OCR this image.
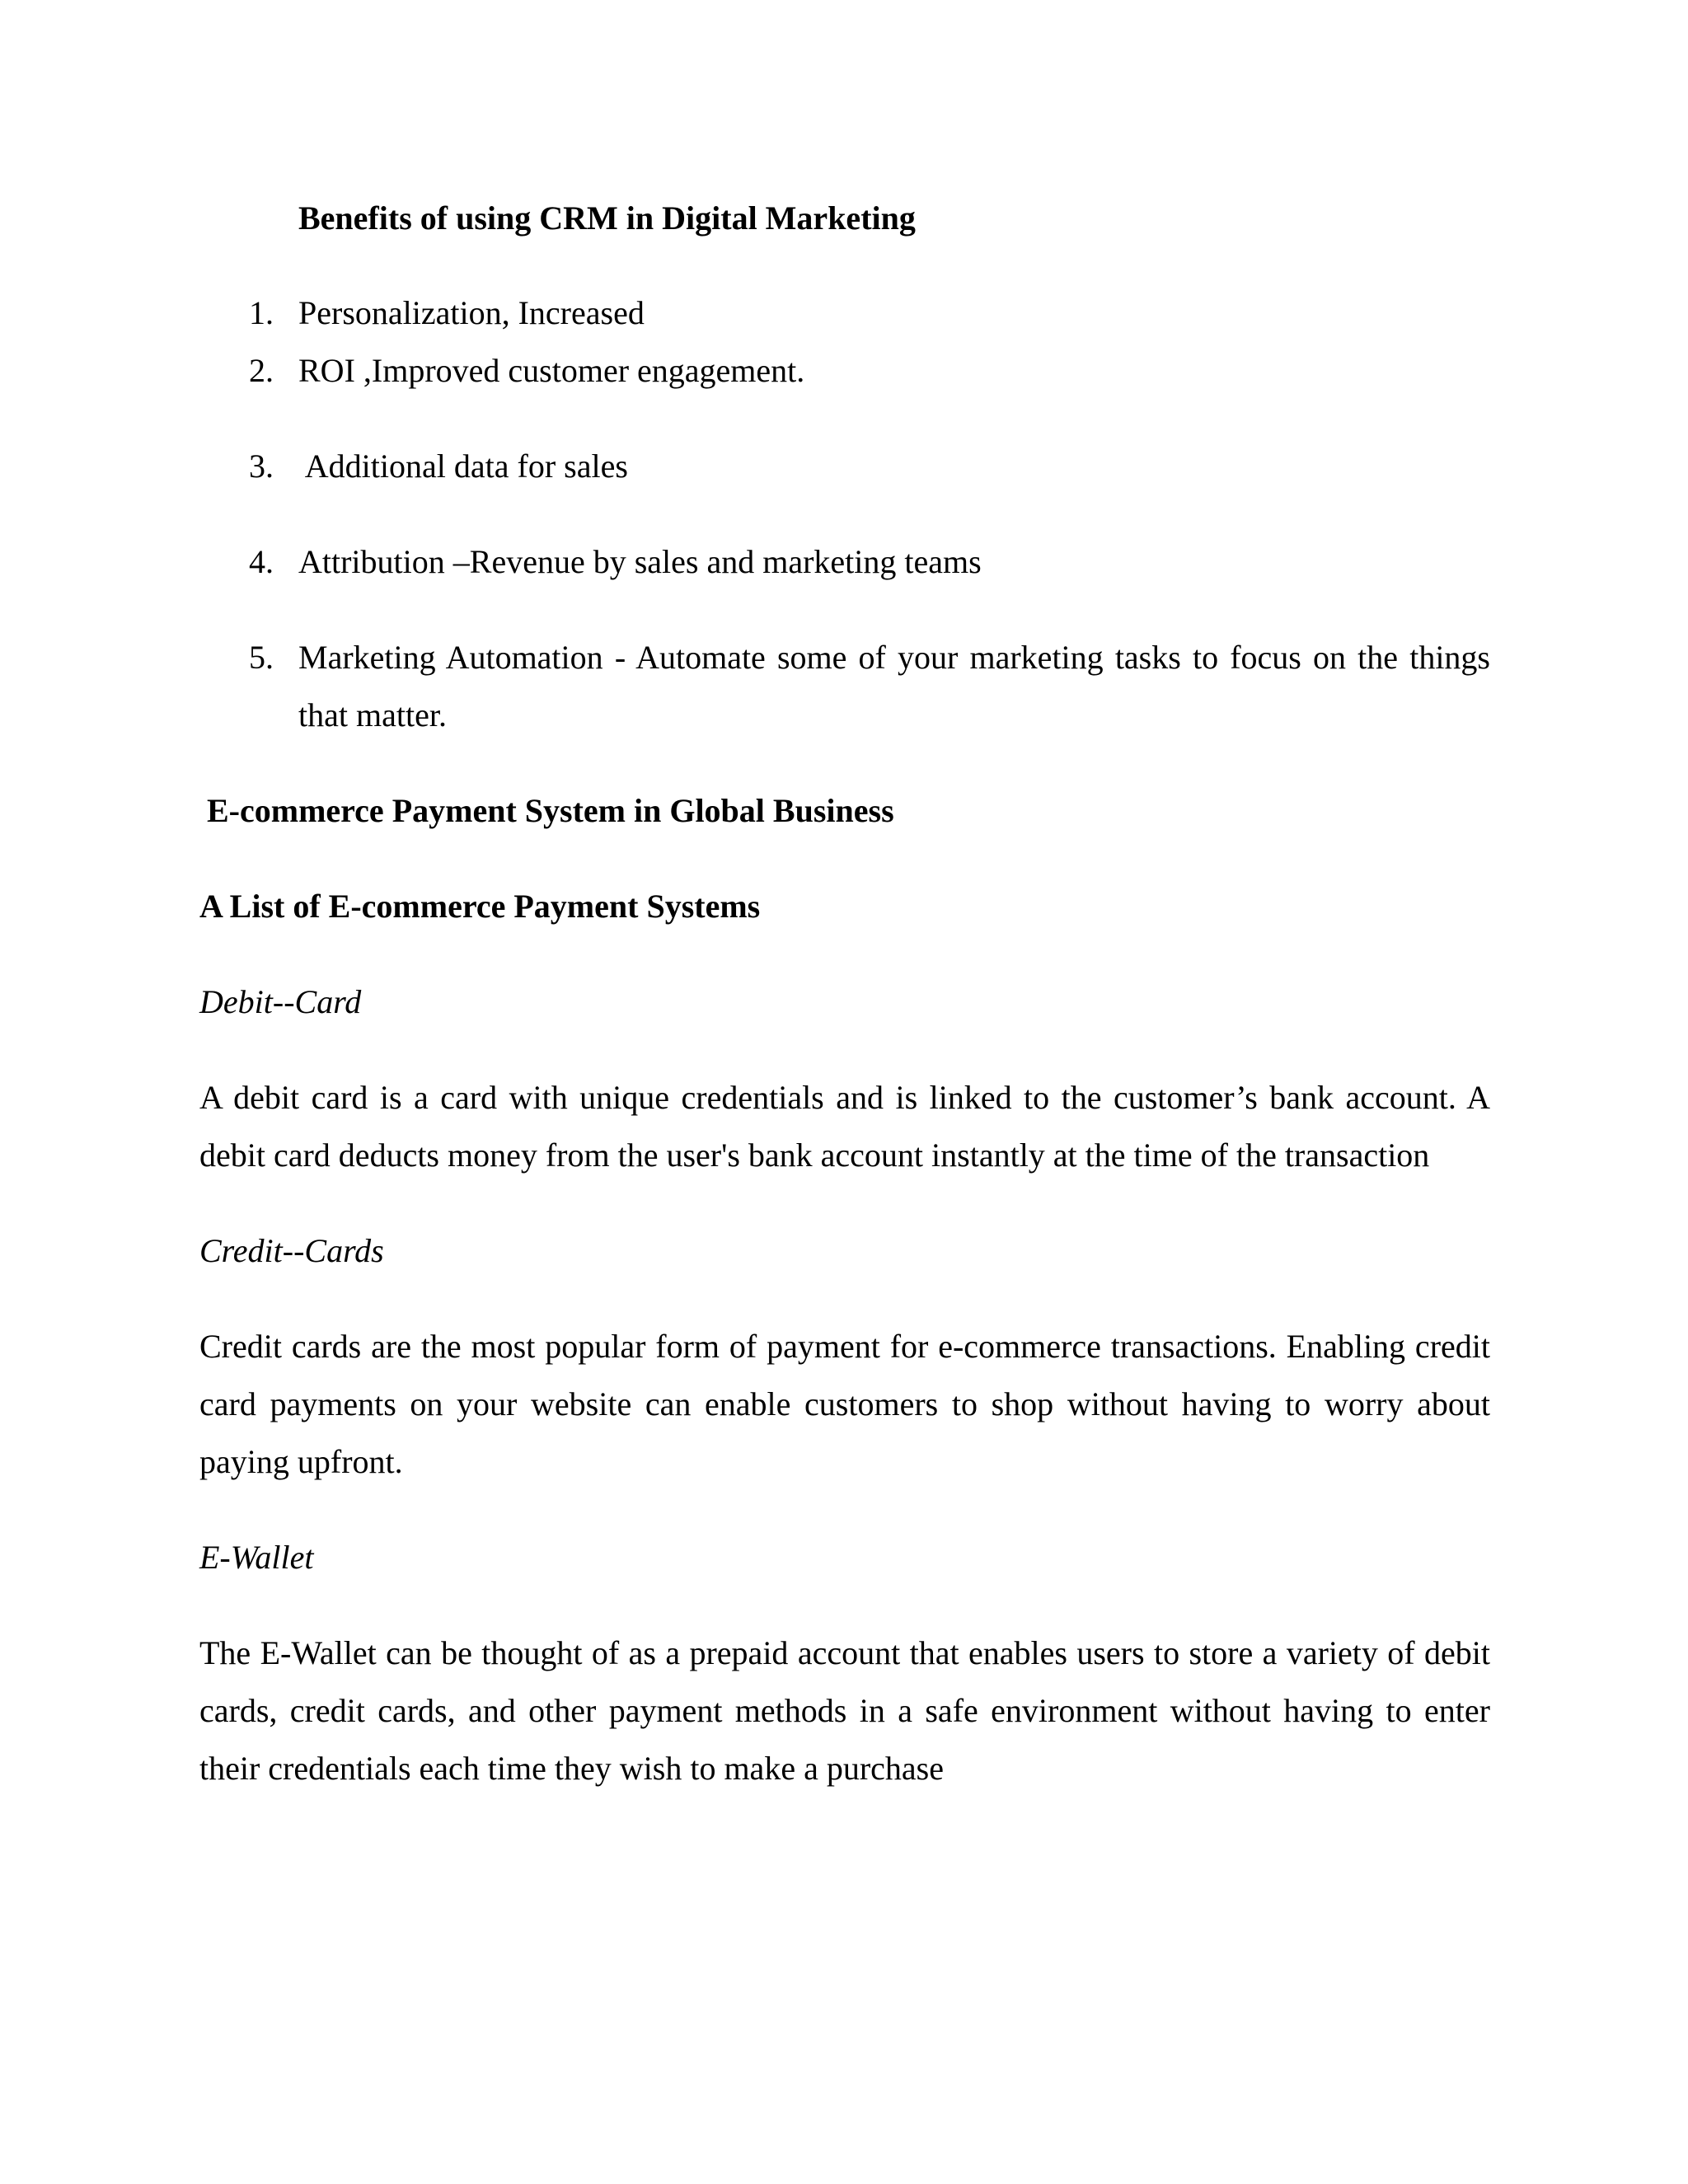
Benefits of using CRM in Digital Marketing
1. Personalization, Increased
2. ROI ,Improved customer engagement.
3. Additional data for sales
4. Attribution –Revenue by sales and marketing teams
5. Marketing Automation - Automate some of your marketing tasks to focus on the things that matter.
E-commerce Payment System in Global Business
A List of E-commerce Payment Systems
Debit--Card
A debit card is a card with unique credentials and is linked to the customer’s bank account. A debit card deducts money from the user's bank account instantly at the time of the transaction
Credit--Cards
Credit cards are the most popular form of payment for e-commerce transactions. Enabling credit card payments on your website can enable customers to shop without having to worry about paying upfront.
E-Wallet
The E-Wallet can be thought of as a prepaid account that enables users to store a variety of debit cards, credit cards, and other payment methods in a safe environment without having to enter their credentials each time they wish to make a purchase
